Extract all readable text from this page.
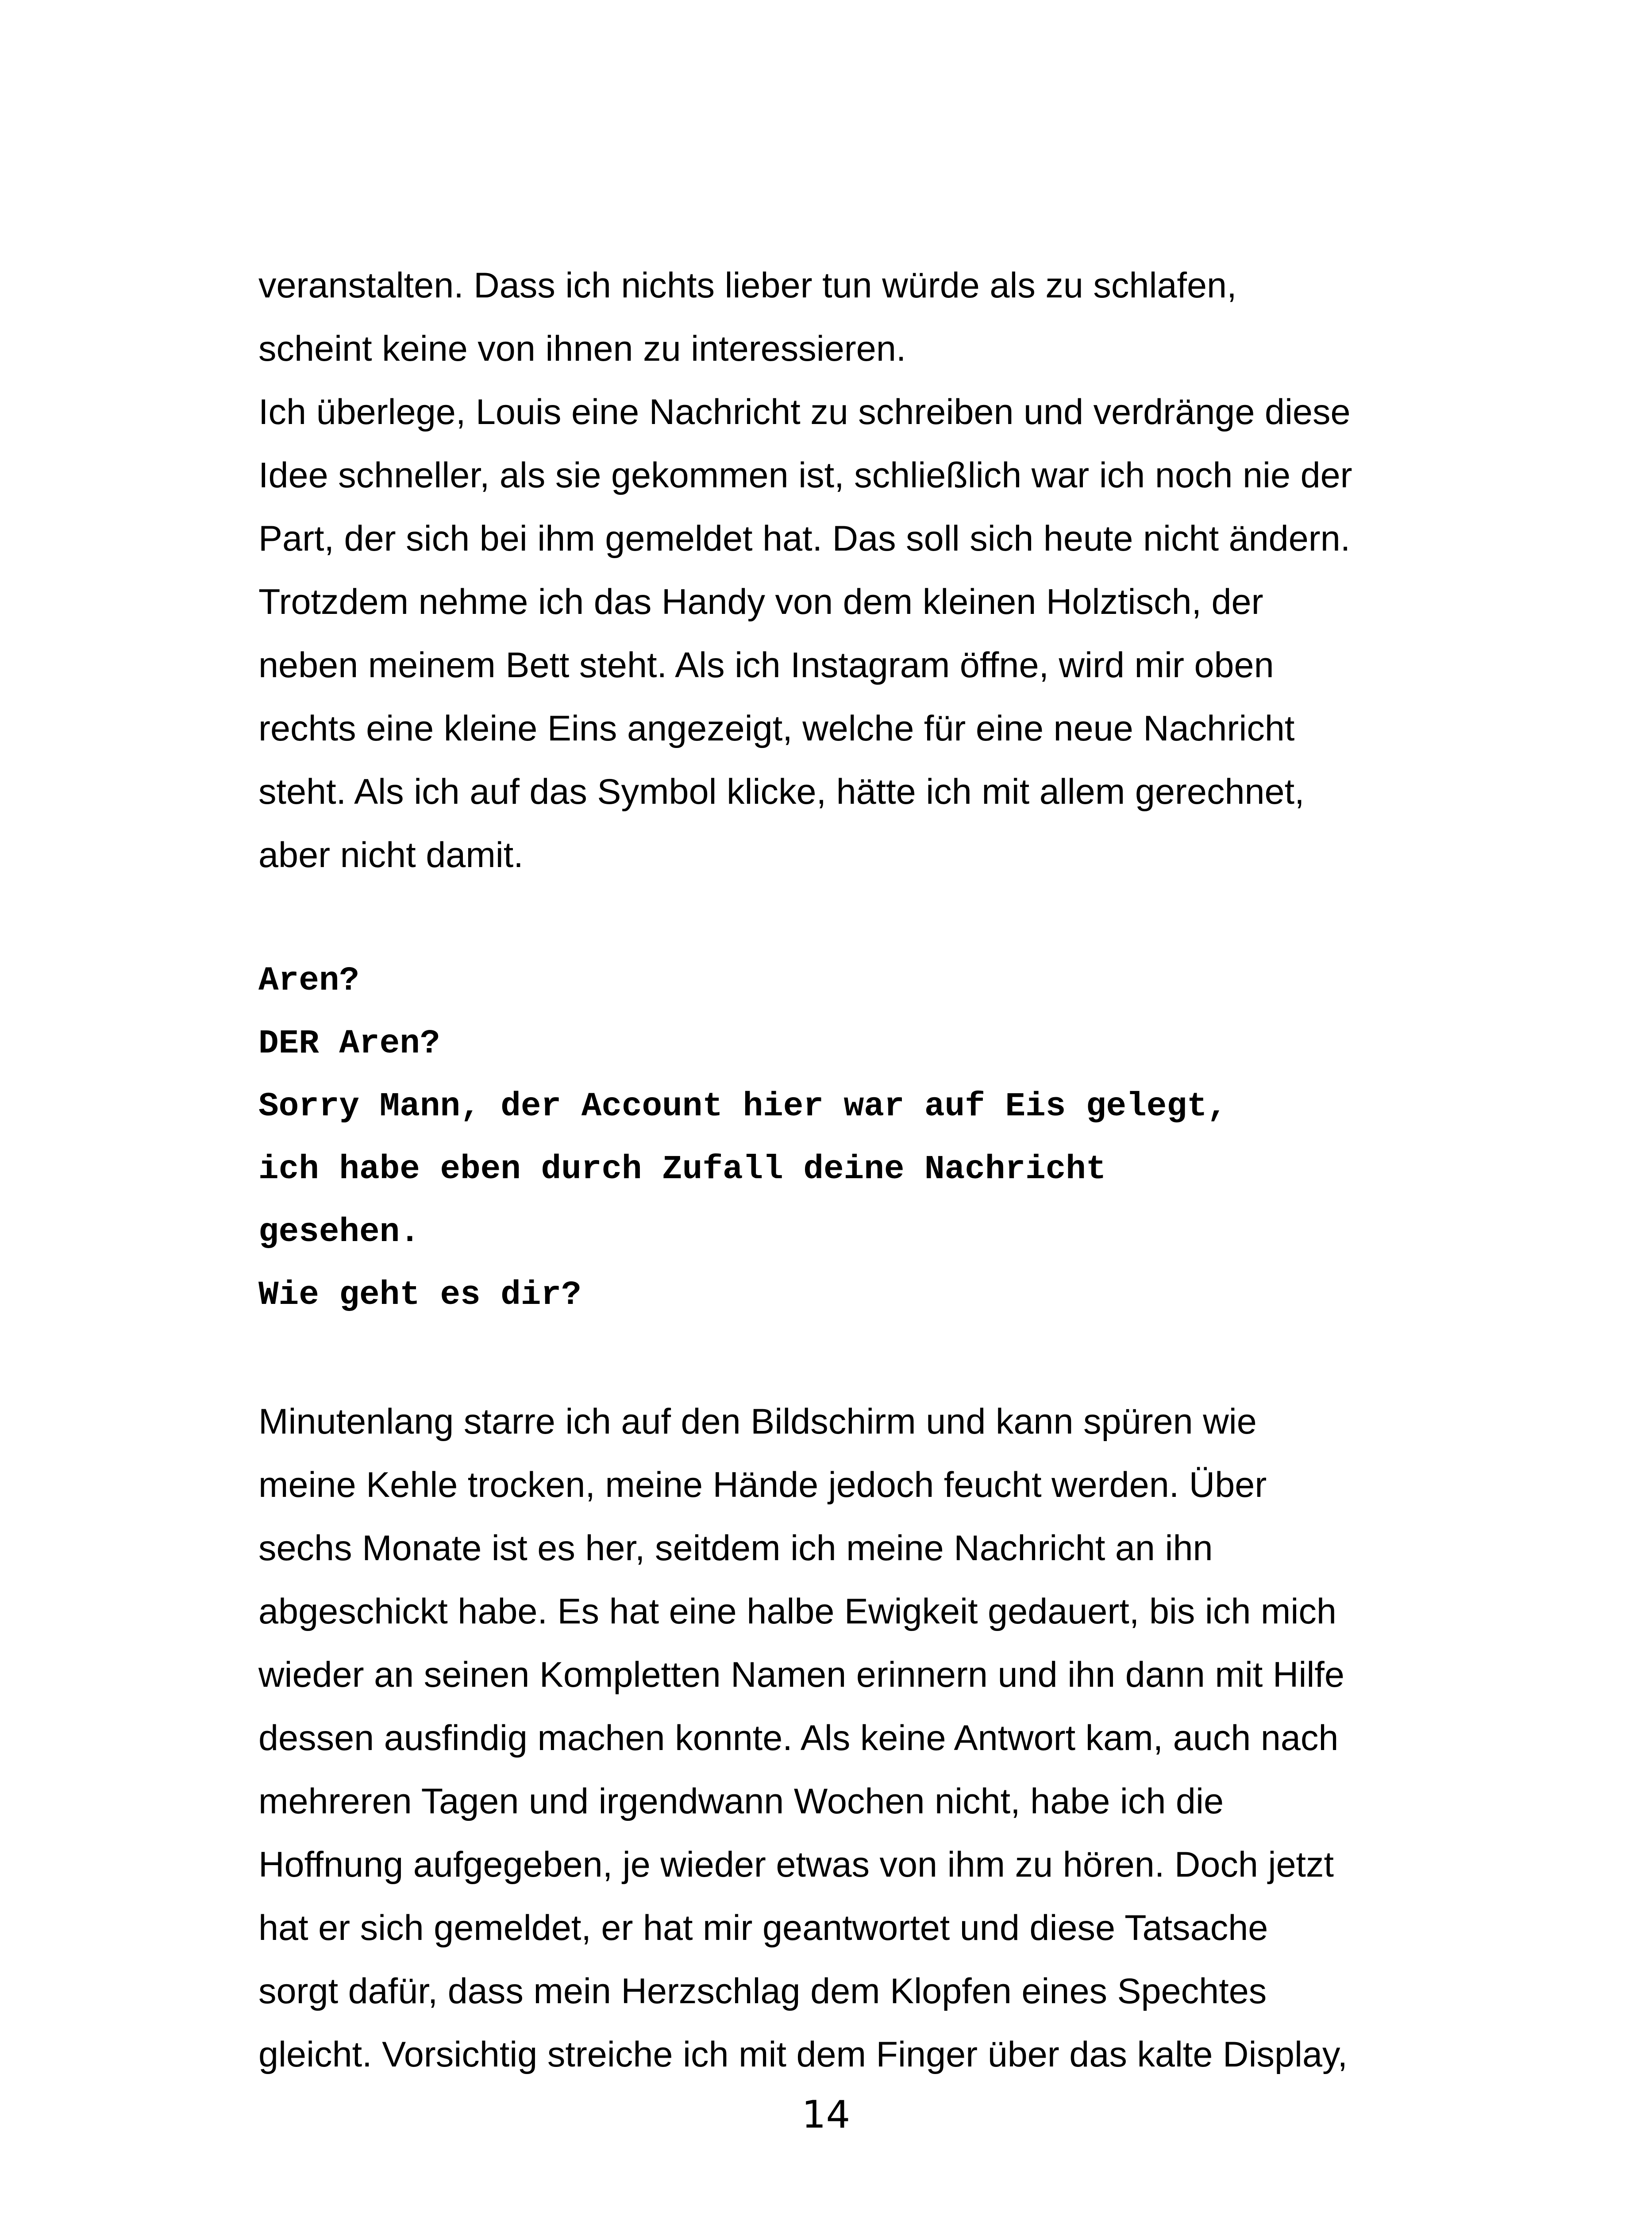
veranstalten. Dass ich nichts lieber tun würde als zu schlafen,

scheint keine von ihnen zu interessieren.

Ich überlege, Louis eine Nachricht zu schreiben und verdränge diese

Idee schneller, als sie gekommen ist, schließlich war ich noch nie der

Part, der sich bei ihm gemeldet hat. Das soll sich heute nicht ändern.

Trotzdem nehme ich das Handy von dem kleinen Holztisch, der

neben meinem Bett steht. Als ich Instagram öffne, wird mir oben

rechts eine kleine Eins angezeigt, welche für eine neue Nachricht

steht. Als ich auf das Symbol klicke, hätte ich mit allem gerechnet,

aber nicht damit.

Aren?

DER Aren?

Sorry Mann, der Account hier war auf Eis gelegt,

ich habe eben durch Zufall deine Nachricht

gesehen.

Wie geht es dir?

Minutenlang starre ich auf den Bildschirm und kann spüren wie

meine Kehle trocken, meine Hände jedoch feucht werden. Über

sechs Monate ist es her, seitdem ich meine Nachricht an ihn

abgeschickt habe. Es hat eine halbe Ewigkeit gedauert, bis ich mich

wieder an seinen Kompletten Namen erinnern und ihn dann mit Hilfe

dessen ausfindig machen konnte. Als keine Antwort kam, auch nach

mehreren Tagen und irgendwann Wochen nicht, habe ich die

Hoffnung aufgegeben, je wieder etwas von ihm zu hören. Doch jetzt

hat er sich gemeldet, er hat mir geantwortet und diese Tatsache

sorgt dafür, dass mein Herzschlag dem Klopfen eines Spechtes

gleicht. Vorsichtig streiche ich mit dem Finger über das kalte Display,

14
